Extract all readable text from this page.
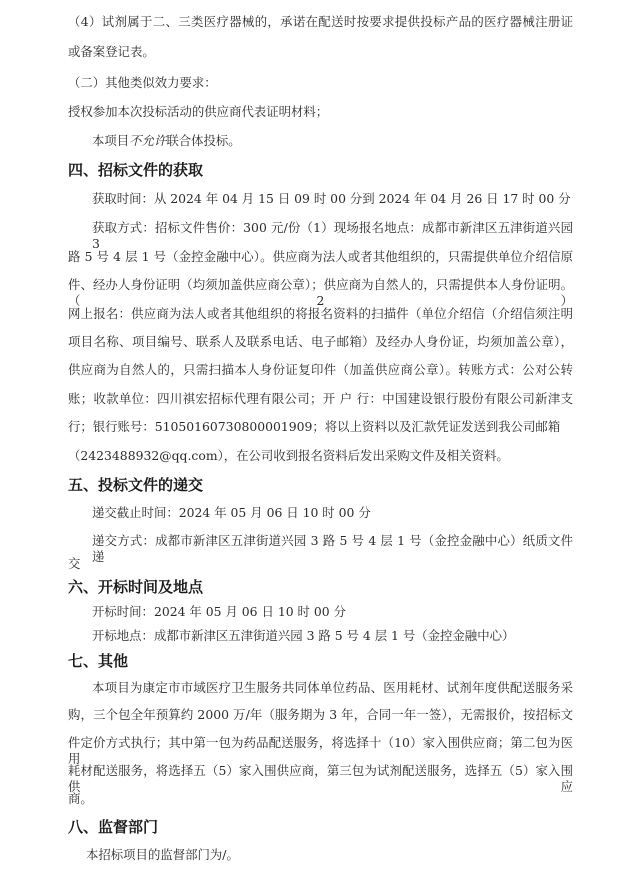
（4）试剂属于二、三类医疗器械的，承诺在配送时按要求提供投标产品的医疗器械注册证
或备案登记表。
（二）其他类似效力要求：
授权参加本次投标活动的供应商代表证明材料；
本项目不允许联合体投标。
四、招标文件的获取
获取时间：从 2024 年 04 月 15 日 09 时 00 分到 2024 年 04 月 26 日 17 时 00 分
获取方式：招标文件售价：300 元/份（1）现场报名地点：成都市新津区五津街道兴园 3
路 5 号 4 层 1 号（金控金融中心）。供应商为法人或者其他组织的，只需提供单位介绍信原
件、经办人身份证明（均须加盖供应商公章）；供应商为自然人的，只需提供本人身份证明。（2）
网上报名：供应商为法人或者其他组织的将报名资料的扫描件（单位介绍信（介绍信须注明
项目名称、项目编号、联系人及联系电话、电子邮箱）及经办人身份证，均须加盖公章），
供应商为自然人的，只需扫描本人身份证复印件（加盖供应商公章）。转账方式：公对公转
账；收款单位：四川祺宏招标代理有限公司；开 户 行：中国建设银行股份有限公司新津支
行；银行账号：51050160730800001909；将以上资料以及汇款凭证发送到我公司邮箱
（2423488932@qq.com），在公司收到报名资料后发出采购文件及相关资料。
五、投标文件的递交
递交截止时间：2024 年 05 月 06 日 10 时 00 分
递交方式：成都市新津区五津街道兴园 3 路 5 号 4 层 1 号（金控金融中心）纸质文件递
交
六、开标时间及地点
开标时间：2024 年 05 月 06 日 10 时 00 分
开标地点：成都市新津区五津街道兴园 3 路 5 号 4 层 1 号（金控金融中心）
七、其他
本项目为康定市市域医疗卫生服务共同体单位药品、医用耗材、试剂年度供配送服务采
购，三个包全年预算约 2000 万/年（服务期为 3 年，合同一年一签），无需报价，按招标文
件定价方式执行；其中第一包为药品配送服务，将选择十（10）家入围供应商；第二包为医用
耗材配送服务，将选择五（5）家入围供应商，第三包为试剂配送服务，选择五（5）家入围供应
商。
八、监督部门
本招标项目的监督部门为/。
